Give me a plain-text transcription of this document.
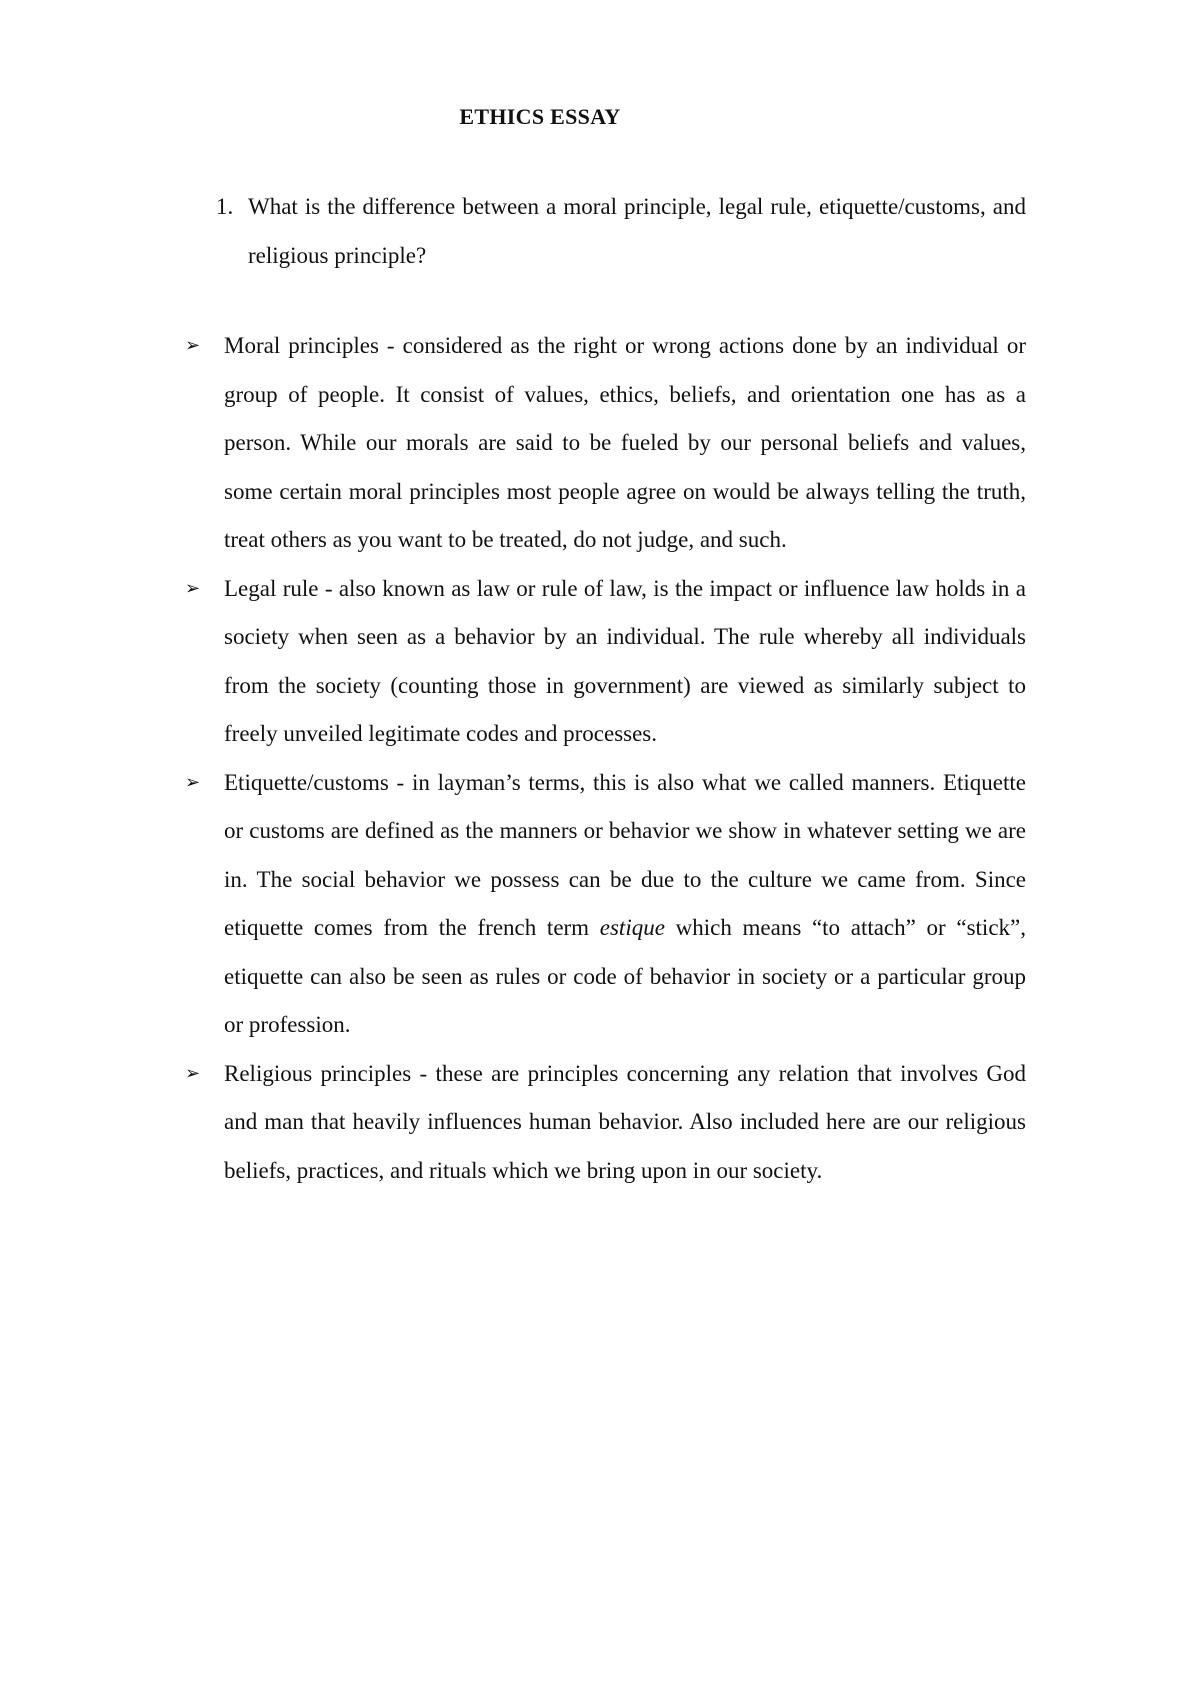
ETHICS ESSAY
1. What is the difference between a moral principle, legal rule, etiquette/customs, and religious principle?
➢ Moral principles - considered as the right or wrong actions done by an individual or group of people. It consist of values, ethics, beliefs, and orientation one has as a person. While our morals are said to be fueled by our personal beliefs and values, some certain moral principles most people agree on would be always telling the truth, treat others as you want to be treated, do not judge, and such.
➢ Legal rule - also known as law or rule of law, is the impact or influence law holds in a society when seen as a behavior by an individual. The rule whereby all individuals from the society (counting those in government) are viewed as similarly subject to freely unveiled legitimate codes and processes.
➢ Etiquette/customs - in layman’s terms, this is also what we called manners. Etiquette or customs are defined as the manners or behavior we show in whatever setting we are in. The social behavior we possess can be due to the culture we came from. Since etiquette comes from the french term estique which means “to attach” or “stick”, etiquette can also be seen as rules or code of behavior in society or a particular group or profession.
➢ Religious principles - these are principles concerning any relation that involves God and man that heavily influences human behavior. Also included here are our religious beliefs, practices, and rituals which we bring upon in our society.
